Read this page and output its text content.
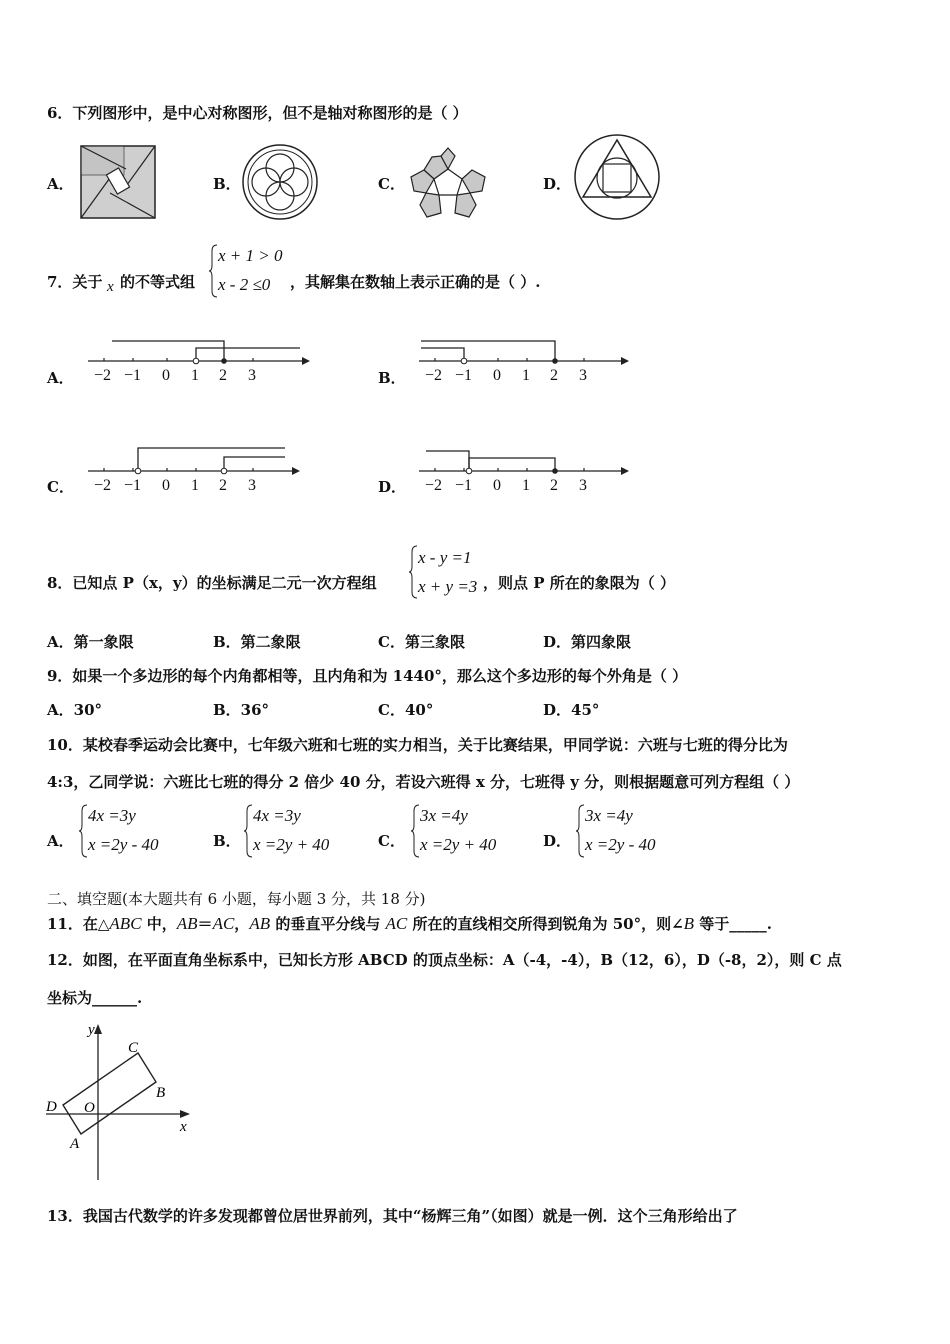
6．下列图形中，是中心对称图形，但不是轴对称图形的是（ ）
A．	B．	C．	D．
7．关于 x 的不等式组
x + 1 > 0
x - 2 ≤0 ，其解集在数轴上表示正确的是（ ）.
A． −2 −1 0 1 2 3	B． −2 −1 0 1 2 3
C． −2 −1 0 1 2 3	D． −2 −1 0 1 2 3
8．已知点 P（x，y）的坐标满足二元一次方程组
x - y =1
x + y =3 ，则点 P 所在的象限为（ ）
A．第一象限	B．第二象限	C．第三象限	D．第四象限
9．如果一个多边形的每个内角都相等，且内角和为 1440°，那么这个多边形的每个外角是（ ）
A．30°	B．36°	C．40°	D．45°
10．某校春季运动会比赛中，七年级六班和七班的实力相当，关于比赛结果，甲同学说：六班与七班的得分比为
4:3，乙同学说：六班比七班的得分 2 倍少 40 分，若设六班得 x 分，七班得 y 分，则根据题意可列方程组（ ）
A．
4x =3y
x =2y - 40	B．
4x =3y
x =2y + 40	C．
3x =4y
x =2y + 40	D．
3x =4y
x =2y - 40
二、填空题(本大题共有 6 小题，每小题 3 分，共 18 分)
11．在△ABC 中，AB＝AC，AB 的垂直平分线与 AC 所在的直线相交所得到锐角为 50°，则∠B 等于_____.
12．如图，在平面直角坐标系中，已知长方形 ABCD 的顶点坐标：A（-4，-4），B（12，6），D（-8，2），则 C 点
坐标为______.
y
x
O
A
B
C
D
13．我国古代数学的许多发现都曾位居世界前列，其中“杨辉三角”（如图）就是一例．这个三角形给出了
